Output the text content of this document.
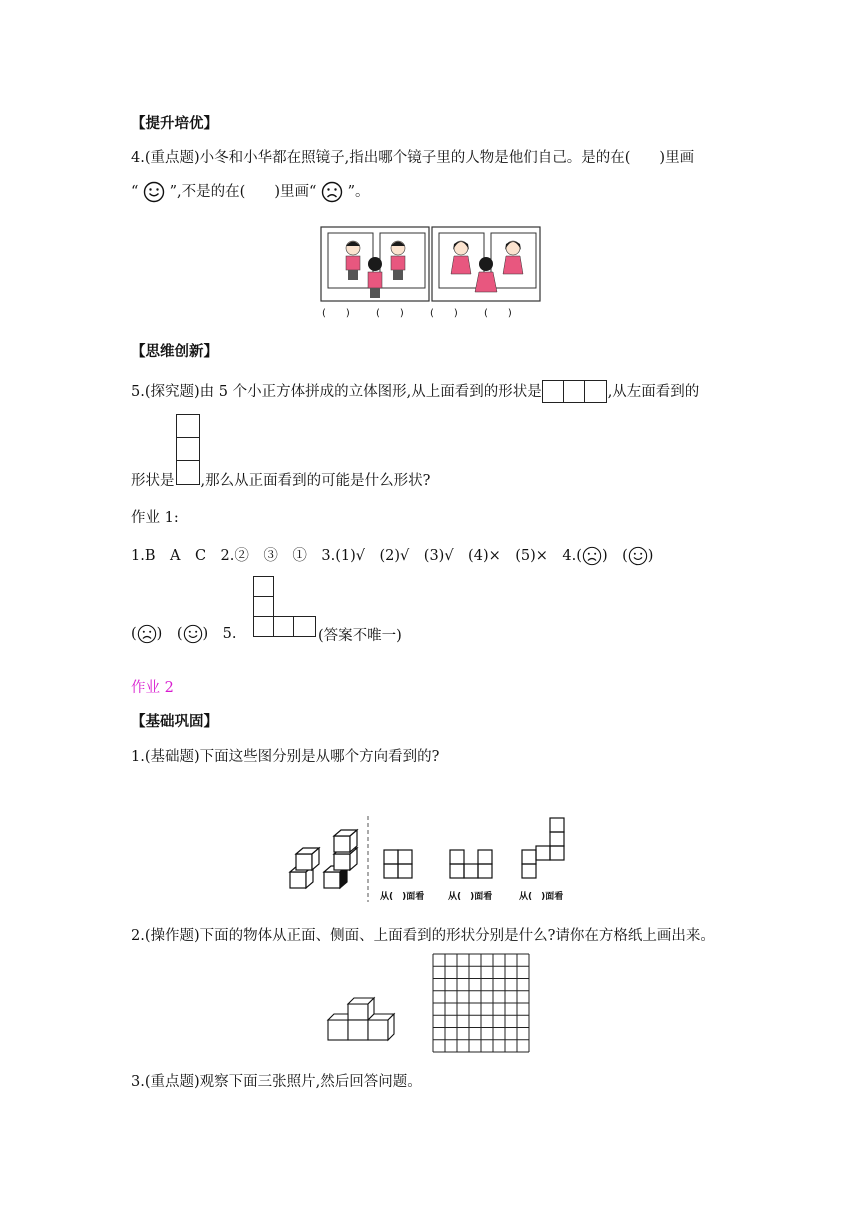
【提升培优】
4.(重点题)小冬和小华都在照镜子,指出哪个镜子里的人物是他们自己。是的在(　　)里画
“ ”,不是的在(　　)里画“ ”。
(　　)	(　　)	(　　)	(　　)
【思维创新】
5.(探究题)由 5 个小正方体拼成的立体图形,从上面看到的形状是	,从左面看到的
形状是 ,那么从正面看到的可能是什么形状?
作业 1:
1.B　A　C　2.②　③　①　3.(1)√　(2)√　(3)√　(4)×　(5)×　4.( )　( )
( )　( )　5.	(答案不唯一)
作业 2
【基础巩固】
1.(基础题)下面这些图分别是从哪个方向看到的?
从(　)面看	从(　)面看	从(　)面看
2.(操作题)下面的物体从正面、侧面、上面看到的形状分别是什么?请你在方格纸上画出来。
3.(重点题)观察下面三张照片,然后回答问题。
